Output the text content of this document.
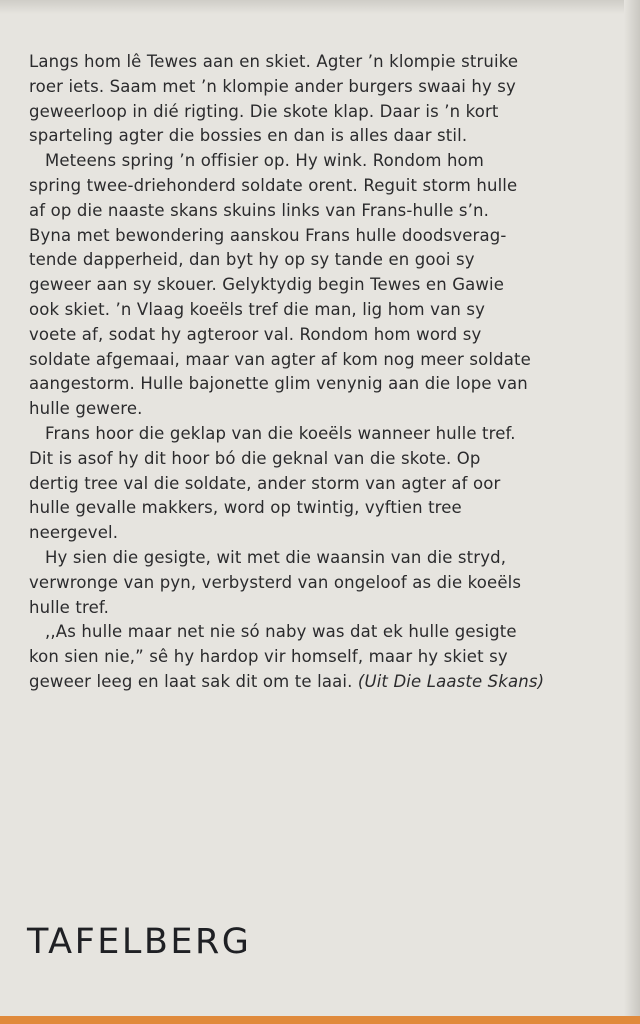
Langs hom lê Tewes aan en skiet. Agter ’n klompie struike
roer iets. Saam met ’n klompie ander burgers swaai hy sy
geweerloop in dié rigting. Die skote klap. Daar is ’n kort
sparteling agter die bossies en dan is alles daar stil.

Meteens spring ’n offisier op. Hy wink. Rondom hom
spring twee-driehonderd soldate orent. Reguit storm hulle
af op die naaste skans skuins links van Frans-hulle s’n.
Byna met bewondering aanskou Frans hulle doodsverag-
tende dapperheid, dan byt hy op sy tande en gooi sy
geweer aan sy skouer. Gelyktydig begin Tewes en Gawie
ook skiet. ’n Vlaag koeëls tref die man, lig hom van sy
voete af, sodat hy agteroor val. Rondom hom word sy
soldate afgemaai, maar van agter af kom nog meer soldate
aangestorm. Hulle bajonette glim venynig aan die lope van
hulle gewere.

Frans hoor die geklap van die koeëls wanneer hulle tref.
Dit is asof hy dit hoor bó die geknal van die skote. Op
dertig tree val die soldate, ander storm van agter af oor
hulle gevalle makkers, word op twintig, vyftien tree
neergevel.

Hy sien die gesigte, wit met die waansin van die stryd,
verwronge van pyn, verbysterd van ongeloof as die koeëls
hulle tref.

,,As hulle maar net nie só naby was dat ek hulle gesigte
kon sien nie,” sê hy hardop vir homself, maar hy skiet sy
geweer leeg en laat sak dit om te laai. (Uit Die Laaste Skans)

TAFELBERG
